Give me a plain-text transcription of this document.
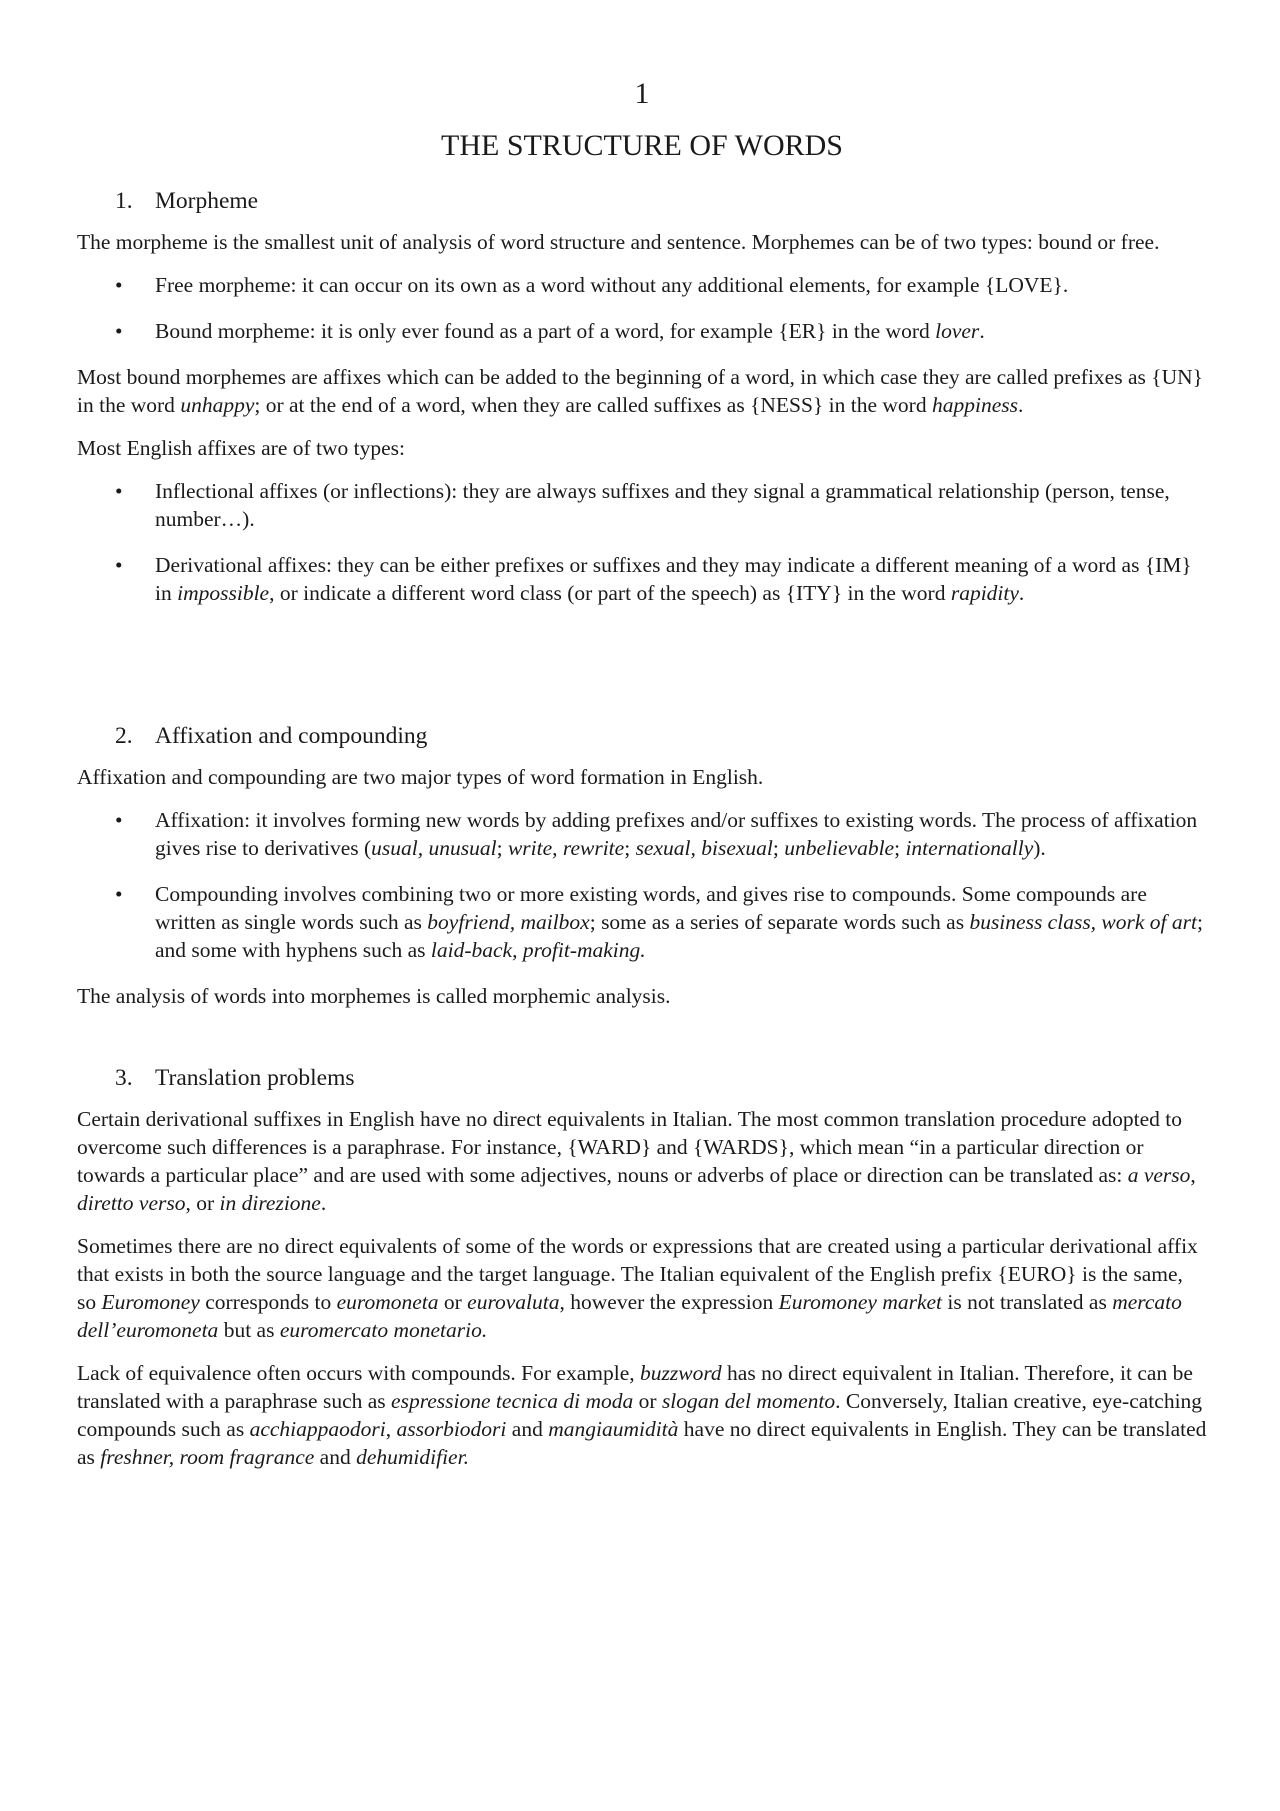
1
THE STRUCTURE OF WORDS
1. Morpheme

The morpheme is the smallest unit of analysis of word structure and sentence. Morphemes can be of two types: bound or free.

• Free morpheme: it can occur on its own as a word without any additional elements, for example {LOVE}.
• Bound morpheme: it is only ever found as a part of a word, for example {ER} in the word lover.

Most bound morphemes are affixes which can be added to the beginning of a word, in which case they are called prefixes as {UN} in the word unhappy; or at the end of a word, when they are called suffixes as {NESS} in the word happiness.

Most English affixes are of two types:

• Inflectional affixes (or inflections): they are always suffixes and they signal a grammatical relationship (person, tense, number…).
• Derivational affixes: they can be either prefixes or suffixes and they may indicate a different meaning of a word as {IM} in impossible, or indicate a different word class (or part of the speech) as {ITY} in the word rapidity.
2. Affixation and compounding

Affixation and compounding are two major types of word formation in English.

• Affixation: it involves forming new words by adding prefixes and/or suffixes to existing words. The process of affixation gives rise to derivatives (usual, unusual; write, rewrite; sexual, bisexual; unbelievable; internationally).
• Compounding involves combining two or more existing words, and gives rise to compounds. Some compounds are written as single words such as boyfriend, mailbox; some as a series of separate words such as business class, work of art; and some with hyphens such as laid-back, profit-making.

The analysis of words into morphemes is called morphemic analysis.

3. Translation problems

Certain derivational suffixes in English have no direct equivalents in Italian. The most common translation procedure adopted to overcome such differences is a paraphrase. For instance, {WARD} and {WARDS}, which mean “in a particular direction or towards a particular place” and are used with some adjectives, nouns or adverbs of place or direction can be translated as: a verso, diretto verso, or in direzione.

Sometimes there are no direct equivalents of some of the words or expressions that are created using a particular derivational affix that exists in both the source language and the target language. The Italian equivalent of the English prefix {EURO} is the same, so Euromoney corresponds to euromoneta or eurovaluta, however the expression Euromoney market is not translated as mercato dell’euromoneta but as euromercato monetario.

Lack of equivalence often occurs with compounds. For example, buzzword has no direct equivalent in Italian. Therefore, it can be translated with a paraphrase such as espressione tecnica di moda or slogan del momento. Conversely, Italian creative, eye-catching compounds such as acchiappaodori, assorbiodori and mangiaumidità have no direct equivalents in English. They can be translated as freshner, room fragrance and dehumidifier.
